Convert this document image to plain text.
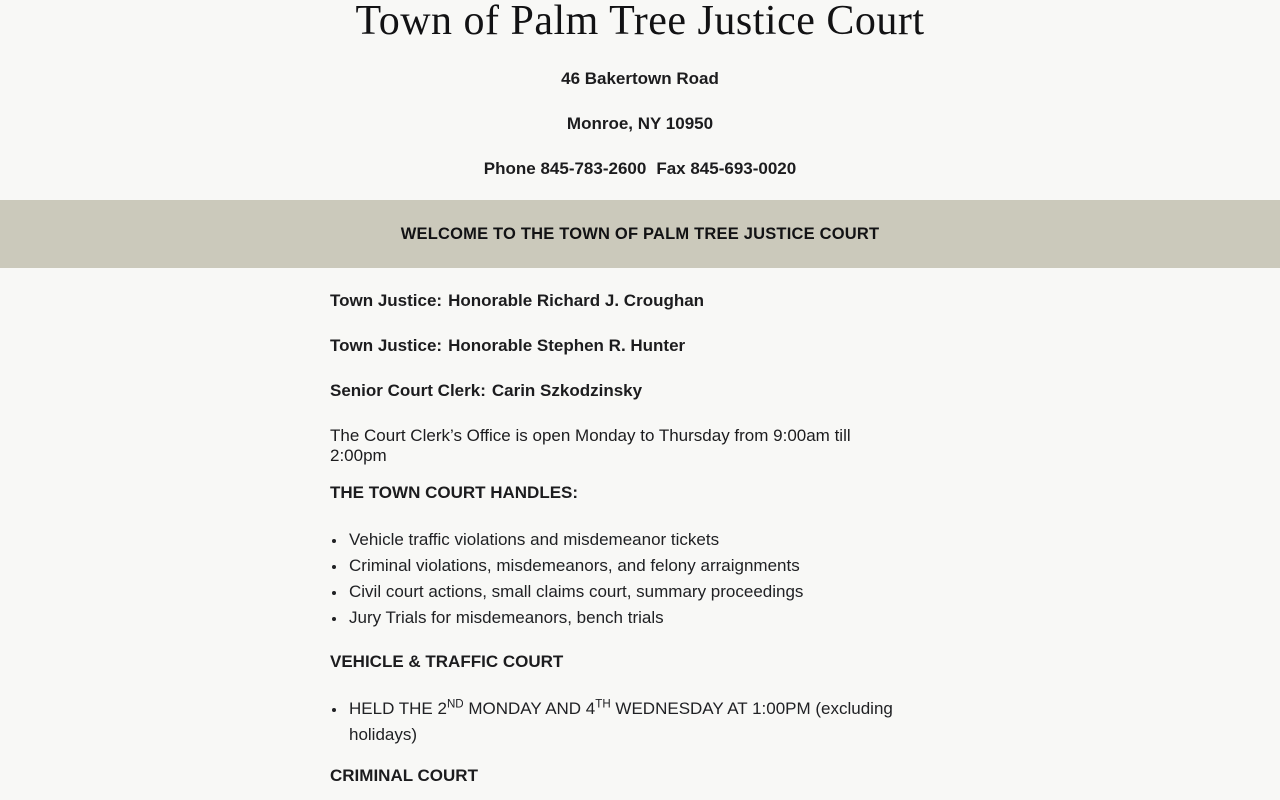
Town of Palm Tree Justice Court

46 Bakertown Road

Monroe, NY 10950

Phone 845-783-2600 Fax 845-693-0020

WELCOME TO THE TOWN OF PALM TREE JUSTICE COURT

Town Justice: Honorable Richard J. Croughan

Town Justice: Honorable Stephen R. Hunter

Senior Court Clerk: Carin Szkodzinsky

The Court Clerk’s Office is open Monday to Thursday from 9:00am till
2:00pm

THE TOWN COURT HANDLES:
• Vehicle traffic violations and misdemeanor tickets
• Criminal violations, misdemeanors, and felony arraignments
• Civil court actions, small claims court, summary proceedings
• Jury Trials for misdemeanors, bench trials
VEHICLE & TRAFFIC COURT
• HELD THE 2ND MONDAY AND 4TH WEDNESDAY AT 1:00PM (excluding holidays)
CRIMINAL COURT
